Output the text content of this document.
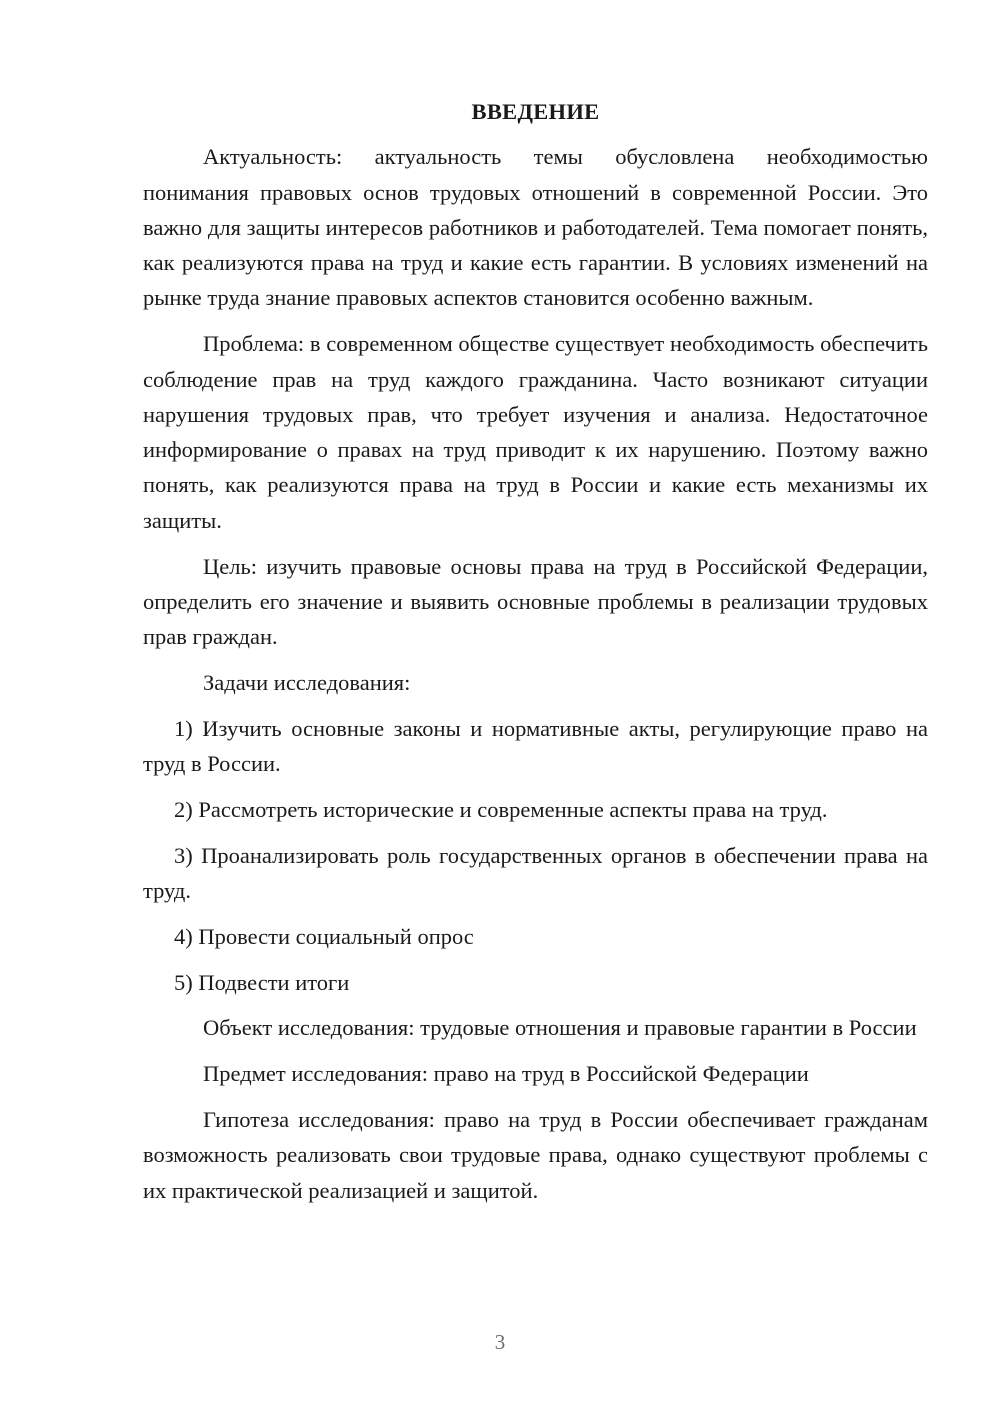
ВВЕДЕНИЕ

Актуальность: актуальность темы обусловлена необходимостью понимания правовых основ трудовых отношений в современной России. Это важно для защиты интересов работников и работодателей. Тема помогает понять, как реализуются права на труд и какие есть гарантии. В условиях изменений на рынке труда знание правовых аспектов становится особенно важным.

Проблема: в современном обществе существует необходимость обеспечить соблюдение прав на труд каждого гражданина. Часто возникают ситуации нарушения трудовых прав, что требует изучения и анализа. Недостаточное информирование о правах на труд приводит к их нарушению. Поэтому важно понять, как реализуются права на труд в России и какие есть механизмы их защиты.

Цель: изучить правовые основы права на труд в Российской Федерации, определить его значение и выявить основные проблемы в реализации трудовых прав граждан.

Задачи исследования:

1) Изучить основные законы и нормативные акты, регулирующие право на труд в России.

2) Рассмотреть исторические и современные аспекты права на труд.

3) Проанализировать роль государственных органов в обеспечении права на труд.

4) Провести социальный опрос

5) Подвести итоги

Объект исследования: трудовые отношения и правовые гарантии в России

Предмет исследования: право на труд в Российской Федерации

Гипотеза исследования: право на труд в России обеспечивает гражданам возможность реализовать свои трудовые права, однако существуют проблемы с их практической реализацией и защитой.

3
